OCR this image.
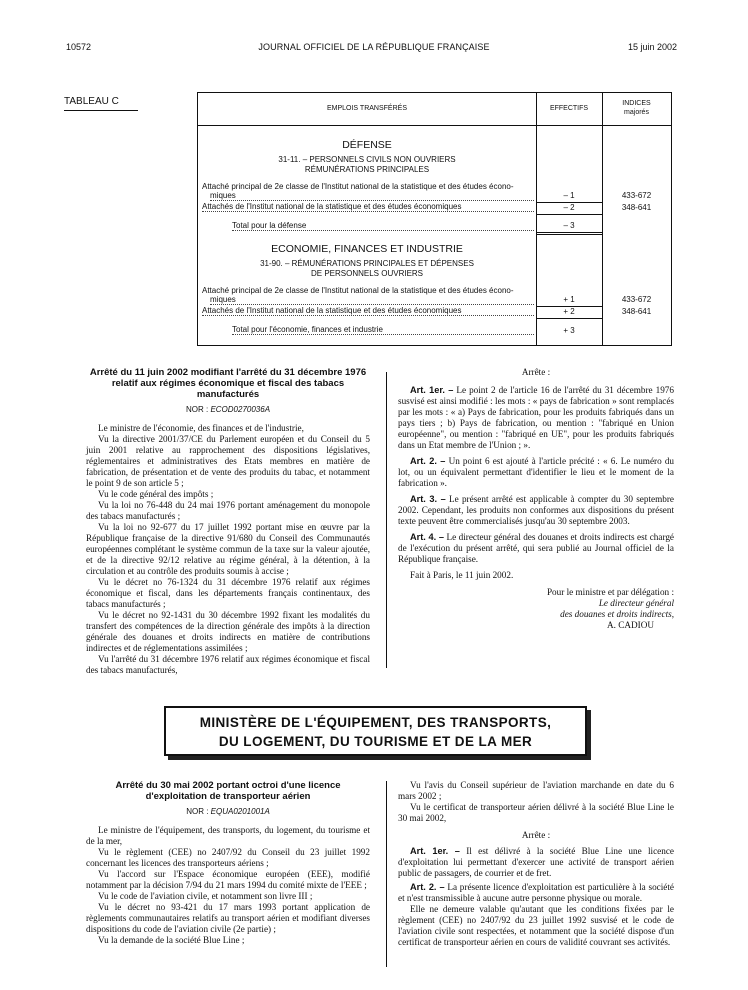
10572	JOURNAL OFFICIEL DE LA RÉPUBLIQUE FRANÇAISE	15 juin 2002
TABLEAU C
EMPLOIS TRANSFÉRÉS	EFFECTIFS
INDICES
majorés
DÉFENSE
31-11. – PERSONNELS CIVILS NON OUVRIERS
RÉMUNÉRATIONS PRINCIPALES
Attaché principal de 2e classe de l'Institut national de la statistique et des études écono-
miques	– 1	433-672
Attachés de l'Institut national de la statistique et des études économiques	– 2	348-641
Total pour la défense	– 3
ECONOMIE, FINANCES ET INDUSTRIE
31-90. – RÉMUNÉRATIONS PRINCIPALES ET DÉPENSES
DE PERSONNELS OUVRIERS
Attaché principal de 2e classe de l'Institut national de la statistique et des études écono-
miques	+ 1	433-672
Attachés de l'Institut national de la statistique et des études économiques	+ 2	348-641
Total pour l'économie, finances et industrie	+ 3

Arrêté du 11 juin 2002 modifiant l'arrêté du 31 décembre 1976 relatif aux régimes économique et fiscal des tabacs manufacturés

NOR : ECOD0270036A

Le ministre de l'économie, des finances et de l'industrie,

Vu la directive 2001/37/CE du Parlement européen et du Conseil du 5 juin 2001 relative au rapprochement des dispositions législatives, réglementaires et administratives des Etats membres en matière de fabrication, de présentation et de vente des produits du tabac, et notamment le point 9 de son article 5 ;

Vu le code général des impôts ;

Vu la loi no 76-448 du 24 mai 1976 portant aménagement du monopole des tabacs manufacturés ;

Vu la loi no 92-677 du 17 juillet 1992 portant mise en œuvre par la République française de la directive 91/680 du Conseil des Communautés européennes complétant le système commun de la taxe sur la valeur ajoutée, et de la directive 92/12 relative au régime général, à la détention, à la circulation et au contrôle des produits soumis à accise ;

Vu le décret no 76-1324 du 31 décembre 1976 relatif aux régimes économique et fiscal, dans les départements français continentaux, des tabacs manufacturés ;

Vu le décret no 92-1431 du 30 décembre 1992 fixant les modalités du transfert des compétences de la direction générale des impôts à la direction générale des douanes et droits indirects en matière de contributions indirectes et de réglementations assimilées ;

Vu l'arrêté du 31 décembre 1976 relatif aux régimes économique et fiscal des tabacs manufacturés,

Arrête :

Art. 1er. – Le point 2 de l'article 16 de l'arrêté du 31 décembre 1976 susvisé est ainsi modifié : les mots : « pays de fabrication » sont remplacés par les mots : « a) Pays de fabrication, pour les produits fabriqués dans un pays tiers ; b) Pays de fabrication, ou mention : "fabriqué en Union européenne", ou mention : "fabriqué en UE", pour les produits fabriqués dans un Etat membre de l'Union ; ».

Art. 2. – Un point 6 est ajouté à l'article précité : « 6. Le numéro du lot, ou un équivalent permettant d'identifier le lieu et le moment de la fabrication ».

Art. 3. – Le présent arrêté est applicable à compter du 30 septembre 2002. Cependant, les produits non conformes aux dispositions du présent texte peuvent être commercialisés jusqu'au 30 septembre 2003.

Art. 4. – Le directeur général des douanes et droits indirects est chargé de l'exécution du présent arrêté, qui sera publié au Journal officiel de la République française.

Fait à Paris, le 11 juin 2002.

Pour le ministre et par délégation :

Le directeur général

des douanes et droits indirects,

A. CADIOU

MINISTÈRE DE L'ÉQUIPEMENT, DES TRANSPORTS,
DU LOGEMENT, DU TOURISME ET DE LA MER

Arrêté du 30 mai 2002 portant octroi d'une licence d'exploitation de transporteur aérien

NOR : EQUA0201001A

Le ministre de l'équipement, des transports, du logement, du tourisme et de la mer,

Vu le règlement (CEE) no 2407/92 du Conseil du 23 juillet 1992 concernant les licences des transporteurs aériens ;

Vu l'accord sur l'Espace économique européen (EEE), modifié notamment par la décision 7/94 du 21 mars 1994 du comité mixte de l'EEE ;

Vu le code de l'aviation civile, et notamment son livre III ;

Vu le décret no 93-421 du 17 mars 1993 portant application de règlements communautaires relatifs au transport aérien et modifiant diverses dispositions du code de l'aviation civile (2e partie) ;

Vu la demande de la société Blue Line ;

Vu l'avis du Conseil supérieur de l'aviation marchande en date du 6 mars 2002 ;

Vu le certificat de transporteur aérien délivré à la société Blue Line le 30 mai 2002,

Arrête :

Art. 1er. – Il est délivré à la société Blue Line une licence d'exploitation lui permettant d'exercer une activité de transport aérien public de passagers, de courrier et de fret.

Art. 2. – La présente licence d'exploitation est particulière à la société et n'est transmissible à aucune autre personne physique ou morale.

Elle ne demeure valable qu'autant que les conditions fixées par le règlement (CEE) no 2407/92 du 23 juillet 1992 susvisé et le code de l'aviation civile sont respectées, et notamment que la société dispose d'un certificat de transporteur aérien en cours de validité couvrant ses activités.
